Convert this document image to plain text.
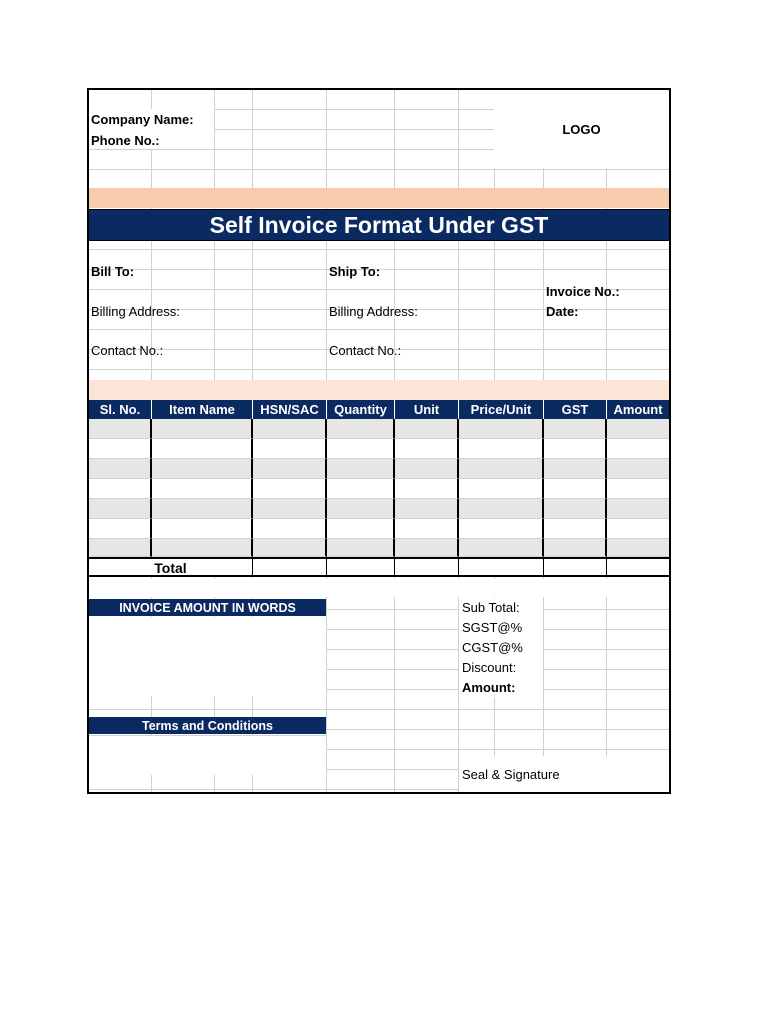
Company Name:
Phone No.:
LOGO
Self Invoice Format Under GST
Bill To:	Ship To:
Invoice No.:
Billing Address:	Billing Address:	Date:
Contact No.:	Contact No.:
Sl. No.	Item Name	HSN/SAC	Quantity	Unit	Price/Unit	GST	Amount
Total
INVOICE AMOUNT IN WORDS	Sub Total:
SGST@%
CGST@%
Discount:
Amount:
Terms and Conditions
Seal & Signature
